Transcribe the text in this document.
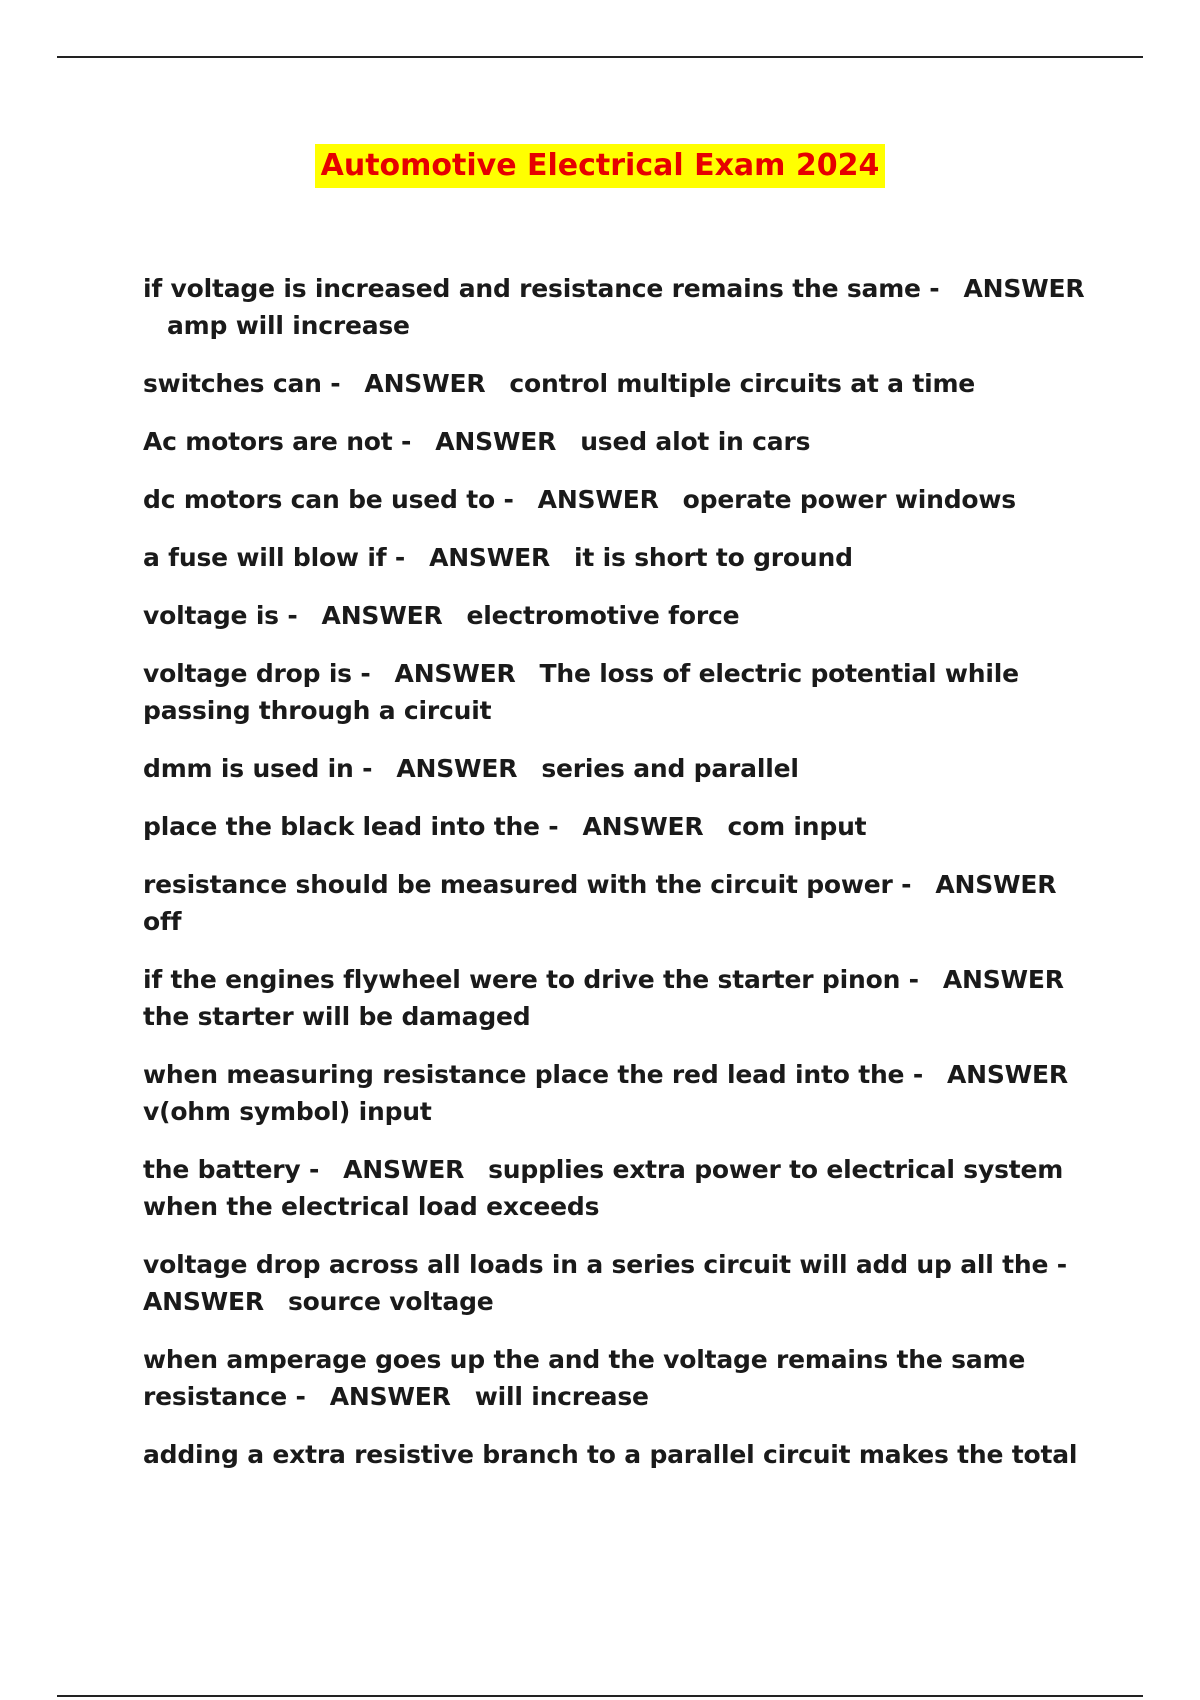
Automotive Electrical Exam 2024
if voltage is increased and resistance remains the same - ANSWERamp will increase
switches can - ANSWER control multiple circuits at a time
Ac motors are not - ANSWER used alot in cars
dc motors can be used to - ANSWER operate power windows
a fuse will blow if - ANSWER it is short to ground
voltage is - ANSWER electromotive force
voltage drop is - ANSWER The loss of electric potential while passing through a circuit
dmm is used in - ANSWER series and parallel
place the black lead into the - ANSWER com input
resistance should be measured with the circuit power - ANSWERoff
if the engines flywheel were to drive the starter pinon - ANSWERthe starter will be damaged
when measuring resistance place the red lead into the - ANSWERv(ohm symbol) input
the battery - ANSWER supplies extra power to electrical system when the electrical load exceeds
voltage drop across all loads in a series circuit will add up all the -ANSWER source voltage
when amperage goes up the and the voltage remains the same resistance - ANSWER will increase
adding a extra resistive branch to a parallel circuit makes the total
